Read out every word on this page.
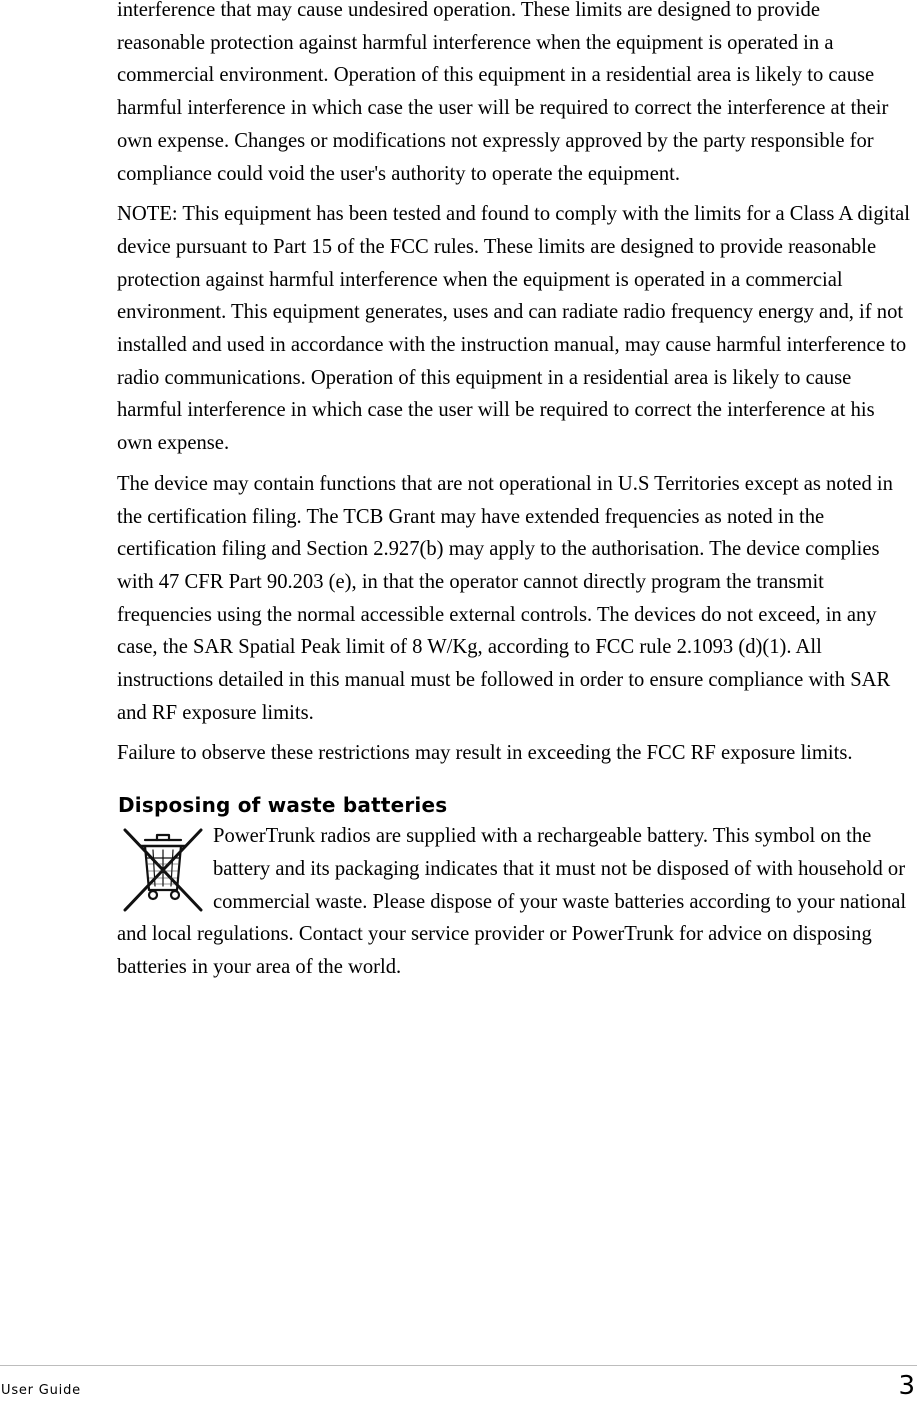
interference that may cause undesired operation. These limits are designed to provide reasonable protection against harmful interference when the equipment is operated in a commercial environment. Operation of this equipment in a residential area is likely to cause harmful interference in which case the user will be required to correct the interference at their own expense. Changes or modifications not expressly approved by the party responsible for compliance could void the user's authority to operate the equipment.

NOTE: This equipment has been tested and found to comply with the limits for a Class A digital device pursuant to Part 15 of the FCC rules. These limits are designed to provide reasonable protection against harmful interference when the equipment is operated in a commercial environment. This equipment generates, uses and can radiate radio frequency energy and, if not installed and used in accordance with the instruction manual, may cause harmful interference to radio communications. Operation of this equipment in a residential area is likely to cause harmful interference in which case the user will be required to correct the interference at his own expense.

The device may contain functions that are not operational in U.S Territories except as noted in the certification filing. The TCB Grant may have extended frequencies as noted in the certification filing and Section 2.927(b) may apply to the authorisation. The device complies with 47 CFR Part 90.203 (e), in that the operator cannot directly program the transmit frequencies using the normal accessible external controls. The devices do not exceed, in any case, the SAR Spatial Peak limit of 8 W/Kg, according to FCC rule 2.1093 (d)(1). All instructions detailed in this manual must be followed in order to ensure compliance with SAR and RF exposure limits.

Failure to observe these restrictions may result in exceeding the FCC RF exposure limits.

Disposing of waste batteries
PowerTrunk radios are supplied with a rechargeable battery. This symbol on the battery and its packaging indicates that it must not be disposed of with household or commercial waste. Please dispose of your waste batteries according to your national and local regulations. Contact your service provider or PowerTrunk for advice on disposing batteries in your area of the world.
User Guide	3
